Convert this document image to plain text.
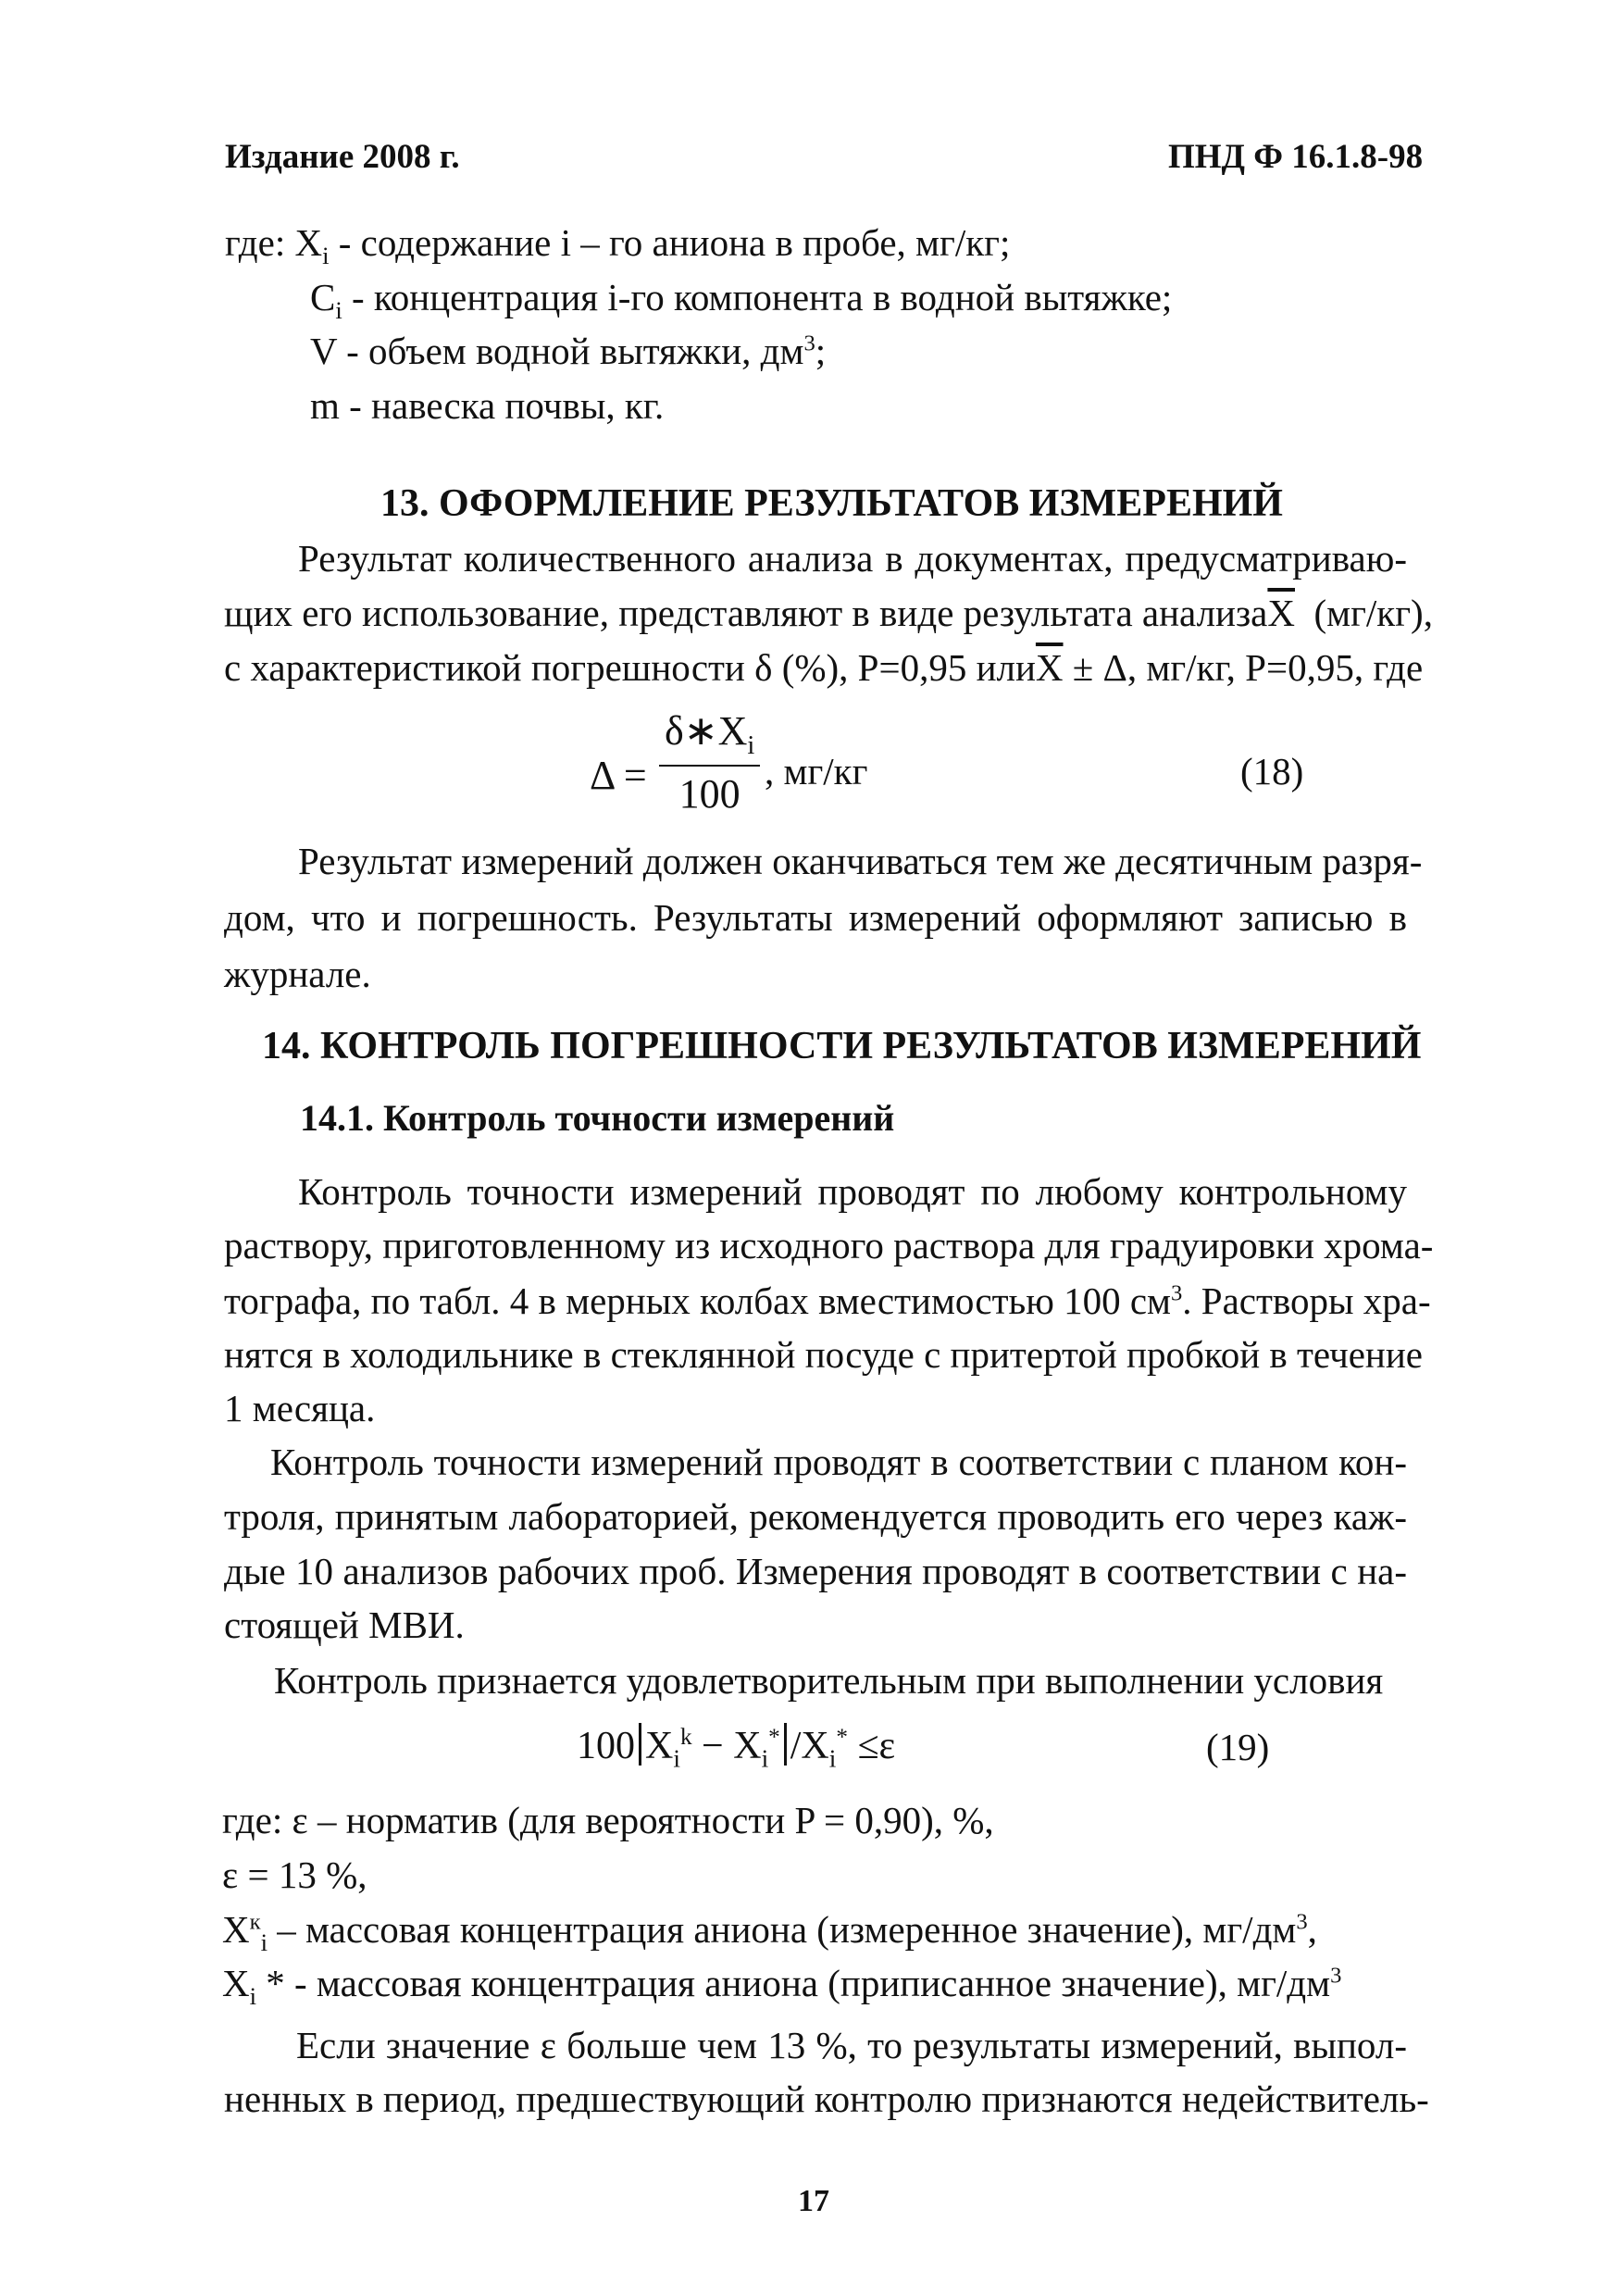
Издание 2008 г.	ПНД Ф 16.1.8-98
где: $X_i$ - содержание i – го аниона в пробе, мг/кг;
$C_i$ - концентрация i-го компонента в водной вытяжке;
V - объем водной вытяжки, $дм^3$;
m - навеска почвы, кг.
13. ОФОРМЛЕНИЕ РЕЗУЛЬТАТОВ ИЗМЕРЕНИЙ
Результат количественного анализа в документах, предусматриваю-
щих его использование, представляют в виде результата анализа $\overline{X}$ (мг/кг),
с характеристикой погрешности δ (%), P=0,95 или $\overline{X} \pm \Delta$, мг/кг, P=0,95, где
$\Delta = \frac{\delta∗X_i}{100}$ , мг/кг	(18)
Результат измерений должен оканчиваться тем же десятичным разря-
дом, что и погрешность. Результаты измерений оформляют записью в
журнале.
14. КОНТРОЛЬ ПОГРЕШНОСТИ РЕЗУЛЬТАТОВ ИЗМЕРЕНИЙ
14.1. Контроль точности измерений
Контроль точности измерений проводят по любому контрольному
раствору, приготовленному из исходного раствора для градуировки хрома-
тографа, по табл. 4 в мерных колбах вместимостью 100 $см^3$. Растворы хра-
нятся в холодильнике в стеклянной посуде с притертой пробкой в течение
1 месяца.
Контроль точности измерений проводят в соответствии с планом кон-
троля, принятым лабораторией, рекомендуется проводить его через каж-
дые 10 анализов рабочих проб. Измерения проводят в соответствии с на-
стоящей МВИ.
Контроль признается удовлетворительным при выполнении условия
100 $X_i^k - X_i^*$ $/X_i^* \le\varepsilon$	(19)
где: ε – норматив (для вероятности P = 0,90), %,
ε = 13 %,
$X^к_i$ – массовая концентрация аниона (измеренное значение), $мг/дм^3$,
$X_i$ * - массовая концентрация аниона (приписанное значение), $мг/дм^3$
Если значение ε больше чем 13 %, то результаты измерений, выпол-
ненных в период, предшествующий контролю признаются недействитель-
17
